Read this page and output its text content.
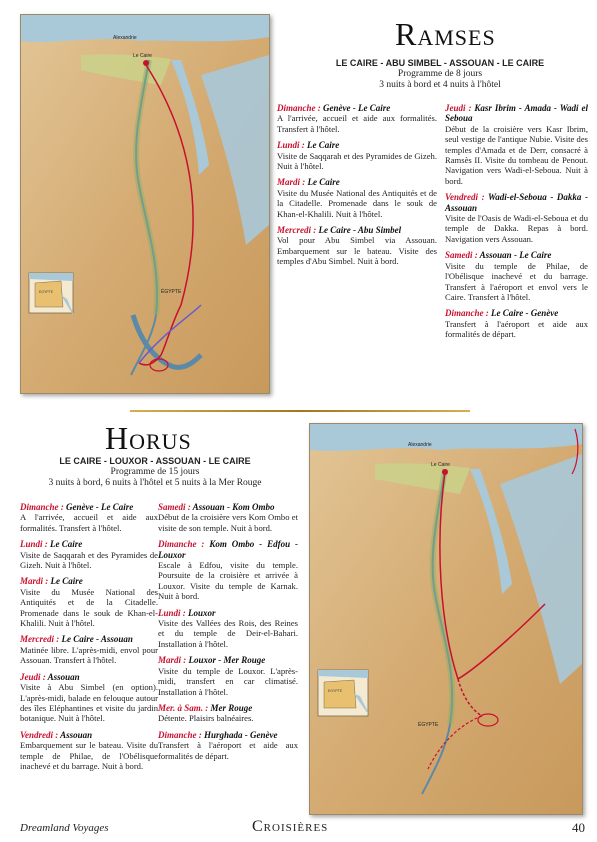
Alexandrie
Le Caire
ÉGYPTE
EGYPTE
Ramses
LE CAIRE - ABU SIMBEL - ASSOUAN - LE CAIRE
Programme de 8 jours
3 nuits à bord et 4 nuits à l'hôtel
Dimanche : Genève - Le Caire
A l'arrivée, accueil et aide aux formalités. Transfert à l'hôtel.
Lundi : Le Caire
Visite de Saqqarah et des Pyramides de Gizeh. Nuit à l'hôtel.
Mardi : Le Caire
Visite du Musée National des Antiquités et de la Citadelle. Promenade dans le souk de Khan-el-Khalili. Nuit à l'hôtel.
Mercredi : Le Caire - Abu Simbel
Vol pour Abu Simbel via Assouan. Embarquement sur le bateau. Visite des temples d'Abu Simbel. Nuit à bord.
Jeudi : Kasr Ibrim - Amada - Wadi el Seboua
Début de la croisière vers Kasr Ibrim, seul vestige de l'antique Nubie. Visite des temples d'Amada et de Derr, consacré à Ramsès II. Visite du tombeau de Penout. Navigation vers Wadi-el-Seboua. Nuit à bord.
Vendredi : Wadi-el-Seboua - Dakka - Assouan
Visite de l'Oasis de Wadi-el-Seboua et du temple de Dakka. Repas à bord. Navigation vers Assouan.
Samedi : Assouan - Le Caire
Visite du temple de Philae, de l'Obélisque inachevé et du barrage. Transfert à l'aéroport et envol vers le Caire. Transfert à l'hôtel.
Dimanche : Le Caire - Genève
Transfert à l'aéroport et aide aux formalités de départ.
Horus
LE CAIRE - LOUXOR - ASSOUAN - LE CAIRE
Programme de 15 jours
3 nuits à bord, 6 nuits à l'hôtel et 5 nuits à la Mer Rouge
Dimanche : Genève - Le Caire
A l'arrivée, accueil et aide aux formalités. Transfert à l'hôtel.
Lundi : Le Caire
Visite de Saqqarah et des Pyramides de Gizeh. Nuit à l'hôtel.
Mardi : Le Caire
Visite du Musée National des Antiquités et de la Citadelle. Promenade dans le souk de Khan-el-Khalili. Nuit à l'hôtel.
Mercredi : Le Caire - Assouan
Matinée libre. L'après-midi, envol pour Assouan. Transfert à l'hôtel.
Jeudi : Assouan
Visite à Abu Simbel (en option). L'après-midi, balade en felouque autour des îles Eléphantines et visite du jardin botanique. Nuit à l'hôtel.
Vendredi : Assouan
Embarquement sur le bateau. Visite du temple de Philae, de l'Obélisque inachevé et du barrage. Nuit à bord.
Samedi : Assouan - Kom Ombo
Début de la croisière vers Kom Ombo et visite de son temple. Nuit à bord.
Dimanche : Kom Ombo - Edfou - Louxor
Escale à Edfou, visite du temple. Poursuite de la croisière et arrivée à Louxor. Visite du temple de Karnak. Nuit à bord.
Lundi : Louxor
Visite des Vallées des Rois, des Reines et du temple de Deir-el-Bahari. Installation à l'hôtel.
Mardi : Louxor - Mer Rouge
Visite du temple de Louxor. L'après-midi, transfert en car climatisé. Installation à l'hôtel.
Mer. à Sam. : Mer Rouge
Détente. Plaisirs balnéaires.
Dimanche : Hurghada - Genève
Transfert à l'aéroport et aide aux formalités de départ.
Alexandrie
Le Caire
ÉGYPTE
EGYPTE
Dreamland Voyages	Croisières	40
